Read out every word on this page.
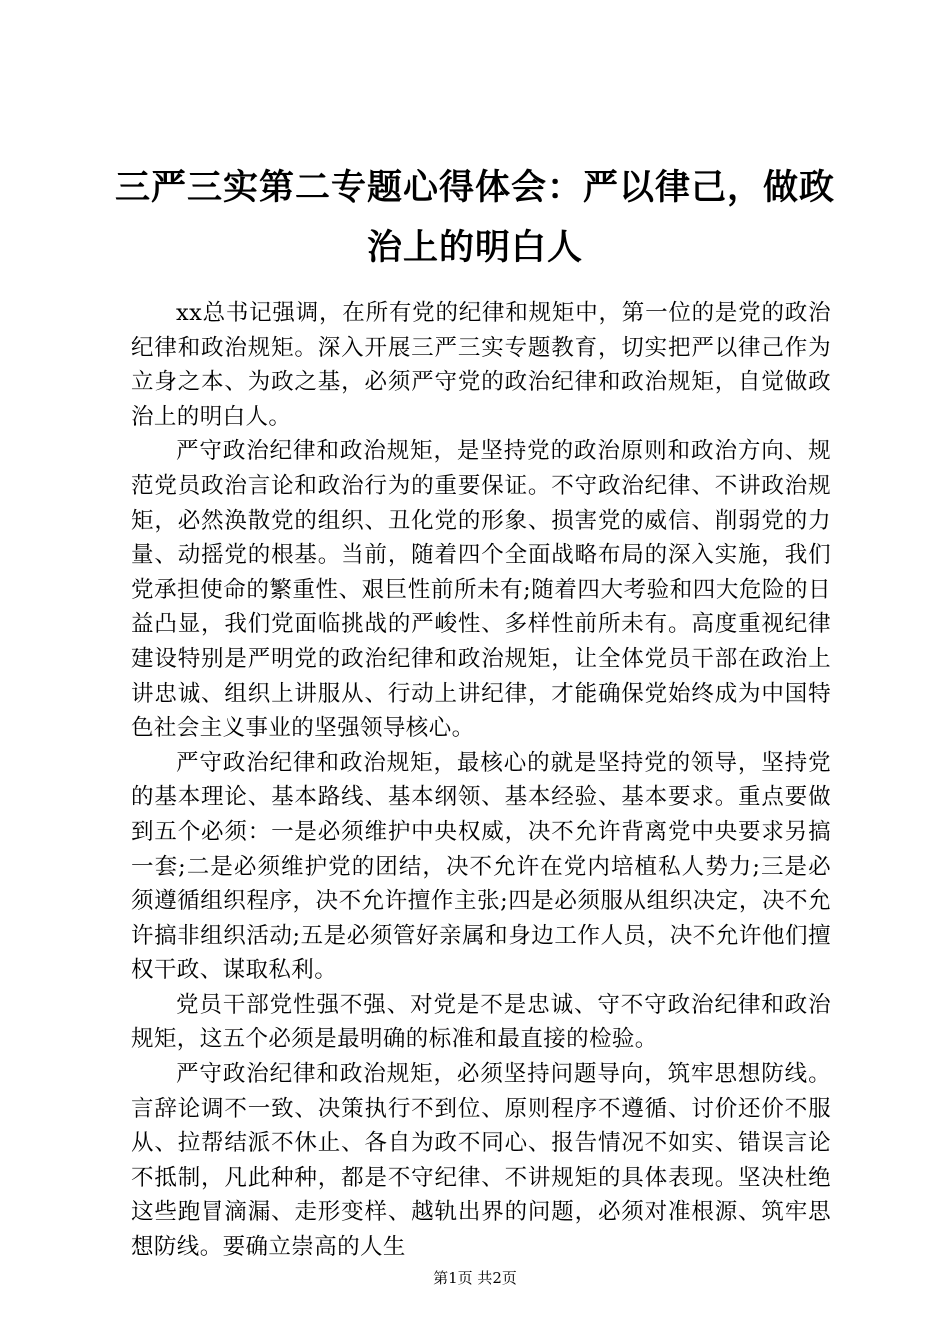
三严三实第二专题心得体会：严以律己，做政治上的明白人

xx总书记强调，在所有党的纪律和规矩中，第一位的是党的政治纪律和政治规矩。深入开展三严三实专题教育，切实把严以律己作为立身之本、为政之基，必须严守党的政治纪律和政治规矩，自觉做政治上的明白人。

严守政治纪律和政治规矩，是坚持党的政治原则和政治方向、规范党员政治言论和政治行为的重要保证。不守政治纪律、不讲政治规矩，必然涣散党的组织、丑化党的形象、损害党的威信、削弱党的力量、动摇党的根基。当前，随着四个全面战略布局的深入实施，我们党承担使命的繁重性、艰巨性前所未有;随着四大考验和四大危险的日益凸显，我们党面临挑战的严峻性、多样性前所未有。高度重视纪律建设特别是严明党的政治纪律和政治规矩，让全体党员干部在政治上讲忠诚、组织上讲服从、行动上讲纪律，才能确保党始终成为中国特色社会主义事业的坚强领导核心。

严守政治纪律和政治规矩，最核心的就是坚持党的领导，坚持党的基本理论、基本路线、基本纲领、基本经验、基本要求。重点要做到五个必须：一是必须维护中央权威，决不允许背离党中央要求另搞一套;二是必须维护党的团结，决不允许在党内培植私人势力;三是必须遵循组织程序，决不允许擅作主张;四是必须服从组织决定，决不允许搞非组织活动;五是必须管好亲属和身边工作人员，决不允许他们擅权干政、谋取私利。

党员干部党性强不强、对党是不是忠诚、守不守政治纪律和政治规矩，这五个必须是最明确的标准和最直接的检验。

严守政治纪律和政治规矩，必须坚持问题导向，筑牢思想防线。言辞论调不一致、决策执行不到位、原则程序不遵循、讨价还价不服从、拉帮结派不休止、各自为政不同心、报告情况不如实、错误言论不抵制，凡此种种，都是不守纪律、不讲规矩的具体表现。坚决杜绝这些跑冒滴漏、走形变样、越轨出界的问题，必须对准根源、筑牢思想防线。要确立崇高的人生

第1页 共2页
